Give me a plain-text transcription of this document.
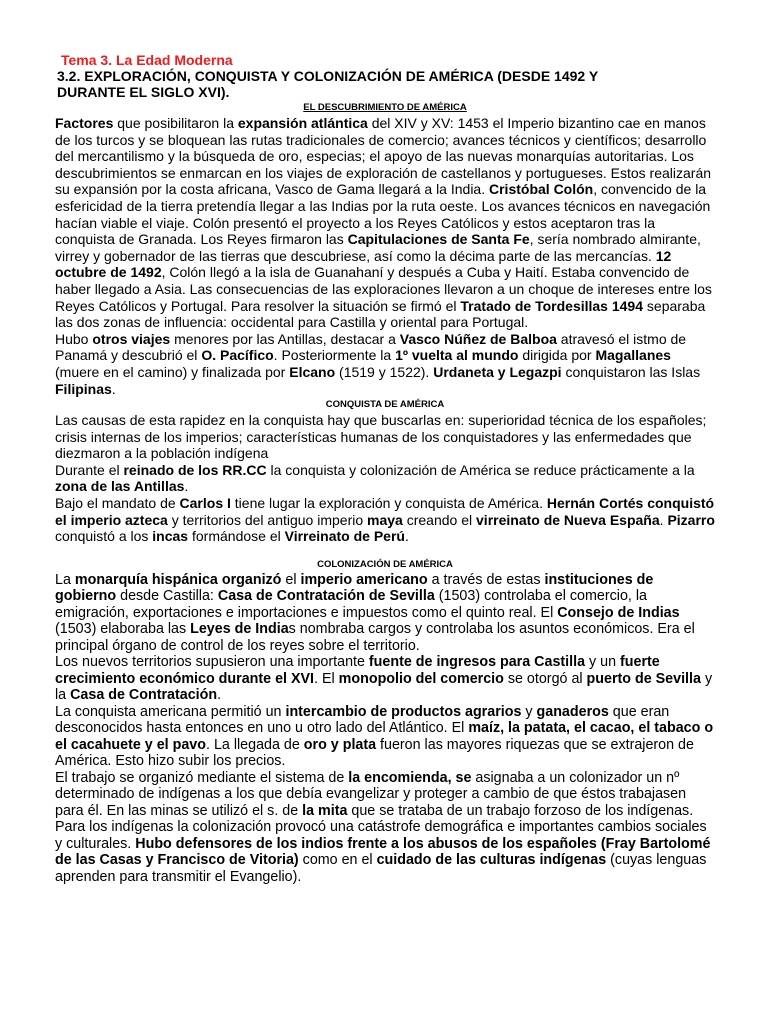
Tema 3. La Edad Moderna
3.2. EXPLORACIÓN, CONQUISTA Y COLONIZACIÓN DE AMÉRICA (DESDE 1492 Y DURANTE EL SIGLO XVI).
EL DESCUBRIMIENTO DE AMÉRICA

Factores que posibilitaron la expansión atlántica del XIV y XV: 1453 el Imperio bizantino cae en manos de los turcos y se bloquean las rutas tradicionales de comercio; avances técnicos y científicos; desarrollo del mercantilismo y la búsqueda de oro, especias; el apoyo de las nuevas monarquías autoritarias. Los descubrimientos se enmarcan en los viajes de exploración de castellanos y portugueses. Estos realizarán su expansión por la costa africana, Vasco de Gama llegará a la India. Cristóbal Colón, convencido de la esfericidad de la tierra pretendía llegar a las Indias por la ruta oeste. Los avances técnicos en navegación hacían viable el viaje. Colón presentó el proyecto a los Reyes Católicos y estos aceptaron tras la conquista de Granada. Los Reyes firmaron las Capitulaciones de Santa Fe, sería nombrado almirante, virrey y gobernador de las tierras que descubriese, así como la décima parte de las mercancías. 12 octubre de 1492, Colón llegó a la isla de Guanahaní y después a Cuba y Haití. Estaba convencido de haber llegado a Asia. Las consecuencias de las exploraciones llevaron a un choque de intereses entre los Reyes Católicos y Portugal. Para resolver la situación se firmó el Tratado de Tordesillas 1494 separaba las dos zonas de influencia: occidental para Castilla y oriental para Portugal.

Hubo otros viajes menores por las Antillas, destacar a Vasco Núñez de Balboa atravesó el istmo de Panamá y descubrió el O. Pacífico. Posteriormente la 1º vuelta al mundo dirigida por Magallanes (muere en el camino) y finalizada por Elcano (1519 y 1522). Urdaneta y Legazpi conquistaron las Islas Filipinas.

CONQUISTA DE AMÉRICA

Las causas de esta rapidez en la conquista hay que buscarlas en: superioridad técnica de los españoles; crisis internas de los imperios; características humanas de los conquistadores y las enfermedades que diezmaron a la población indígena

Durante el reinado de los RR.CC la conquista y colonización de América se reduce prácticamente a la zona de las Antillas.

Bajo el mandato de Carlos I tiene lugar la exploración y conquista de América. Hernán Cortés conquistó el imperio azteca y territorios del antiguo imperio maya creando el virreinato de Nueva España. Pizarro conquistó a los incas formándose el Virreinato de Perú.

COLONIZACIÓN DE AMÉRICA

La monarquía hispánica organizó el imperio americano a través de estas instituciones de gobierno desde Castilla: Casa de Contratación de Sevilla (1503) controlaba el comercio, la emigración, exportaciones e importaciones e impuestos como el quinto real. El Consejo de Indias (1503) elaboraba las Leyes de Indias nombraba cargos y controlaba los asuntos económicos. Era el principal órgano de control de los reyes sobre el territorio.

Los nuevos territorios supusieron una importante fuente de ingresos para Castilla y un fuerte crecimiento económico durante el XVI. El monopolio del comercio se otorgó al puerto de Sevilla y la Casa de Contratación.

La conquista americana permitió un intercambio de productos agrarios y ganaderos que eran desconocidos hasta entonces en uno u otro lado del Atlántico. El maíz, la patata, el cacao, el tabaco o el cacahuete y el pavo. La llegada de oro y plata fueron las mayores riquezas que se extrajeron de América. Esto hizo subir los precios.

El trabajo se organizó mediante el sistema de la encomienda, se asignaba a un colonizador un nº determinado de indígenas a los que debía evangelizar y proteger a cambio de que éstos trabajasen para él. En las minas se utilizó el s. de la mita que se trataba de un trabajo forzoso de los indígenas. Para los indígenas la colonización provocó una catástrofe demográfica e importantes cambios sociales y culturales. Hubo defensores de los indios frente a los abusos de los españoles (Fray Bartolomé de las Casas y Francisco de Vitoria) como en el cuidado de las culturas indígenas (cuyas lenguas aprenden para transmitir el Evangelio).
